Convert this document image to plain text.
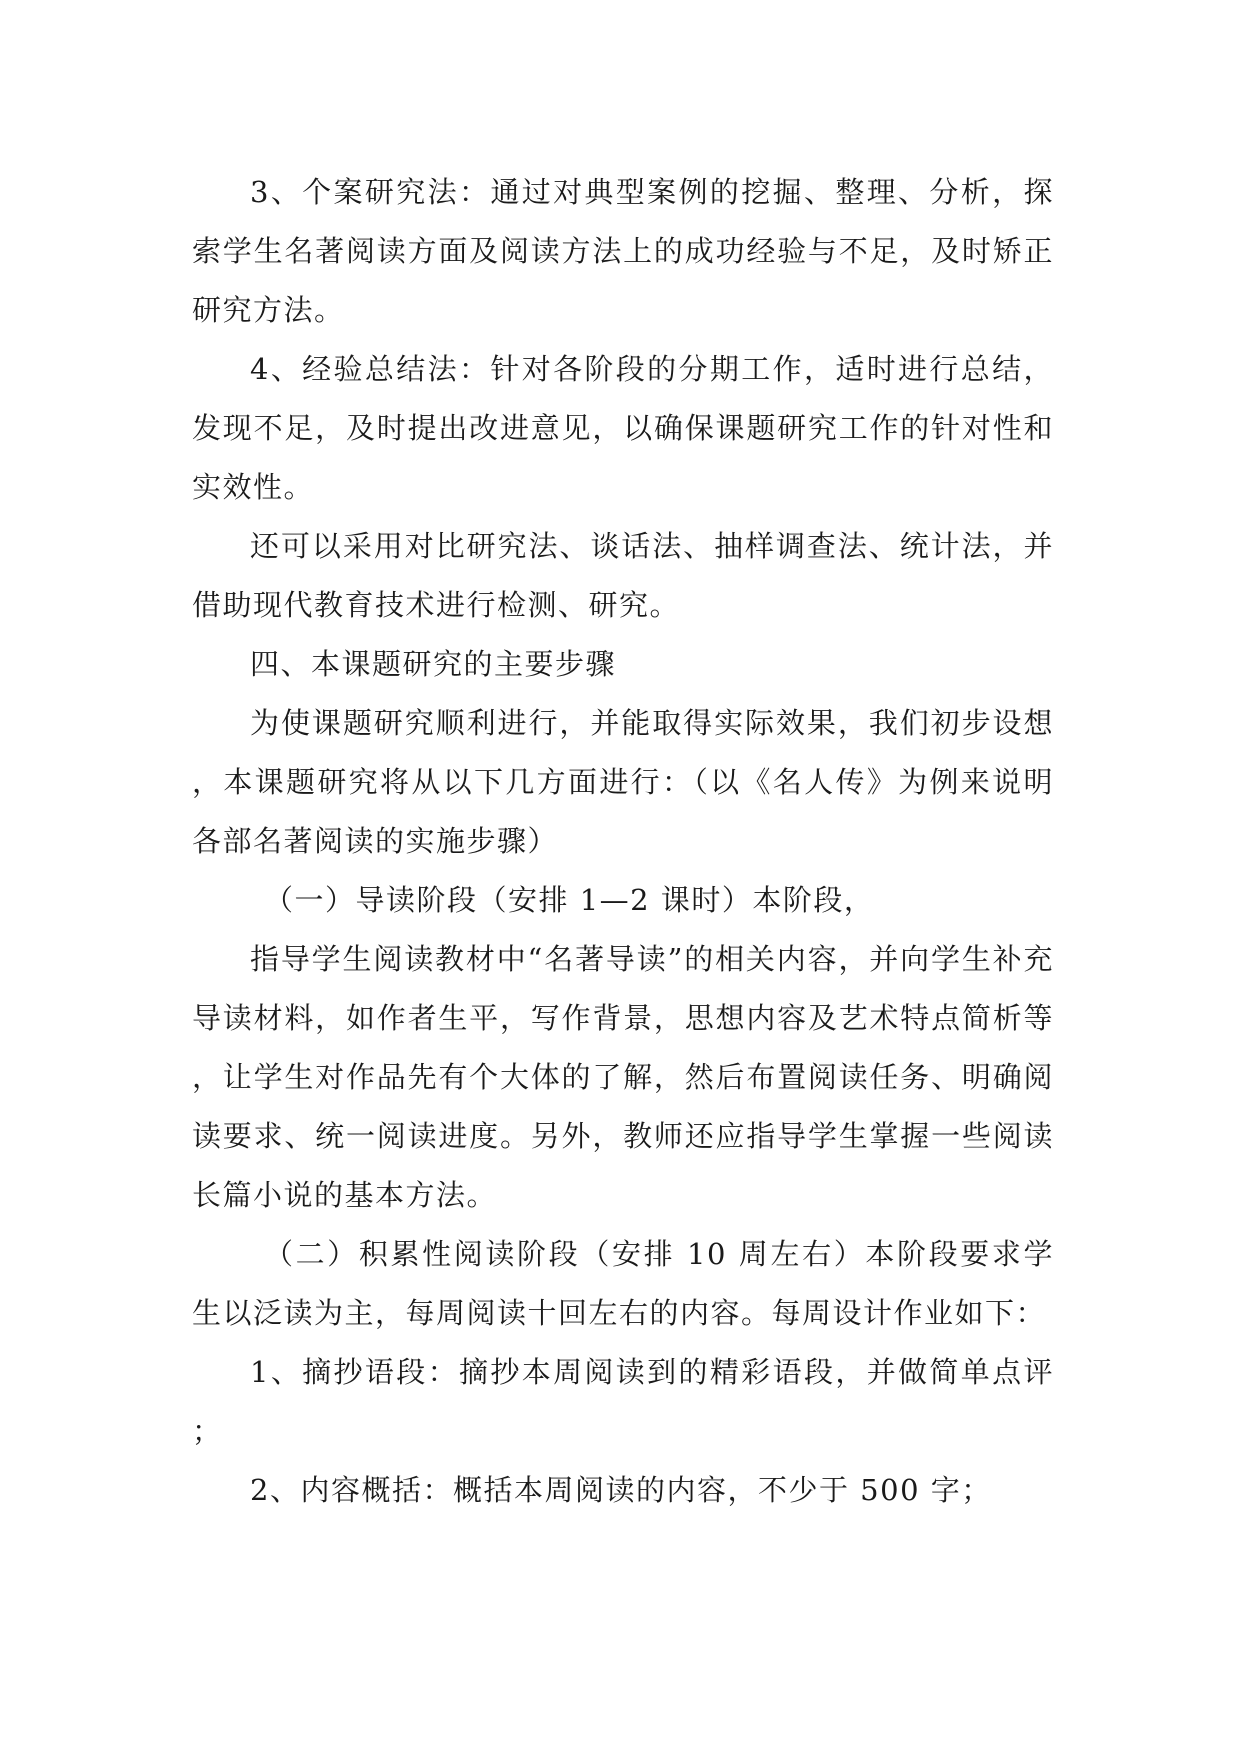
3、个案研究法：通过对典型案例的挖掘、整理、分析，探索学生名著阅读方面及阅读方法上的成功经验与不足，及时矫正研究方法。

4、经验总结法：针对各阶段的分期工作，适时进行总结，发现不足，及时提出改进意见，以确保课题研究工作的针对性和实效性。

还可以采用对比研究法、谈话法、抽样调查法、统计法，并借助现代教育技术进行检测、研究。

四、本课题研究的主要步骤

为使课题研究顺利进行，并能取得实际效果，我们初步设想，本课题研究将从以下几方面进行：（以《名人传》为例来说明各部名著阅读的实施步骤）

（一）导读阶段（安排 1—2 课时）本阶段，

指导学生阅读教材中“名著导读”的相关内容，并向学生补充导读材料，如作者生平，写作背景，思想内容及艺术特点简析等，让学生对作品先有个大体的了解，然后布置阅读任务、明确阅读要求、统一阅读进度。另外，教师还应指导学生掌握一些阅读长篇小说的基本方法。

（二）积累性阅读阶段（安排 10 周左右）本阶段要求学生以泛读为主，每周阅读十回左右的内容。每周设计作业如下：

1、摘抄语段：摘抄本周阅读到的精彩语段，并做简单点评；

2、内容概括：概括本周阅读的内容，不少于 500 字；
